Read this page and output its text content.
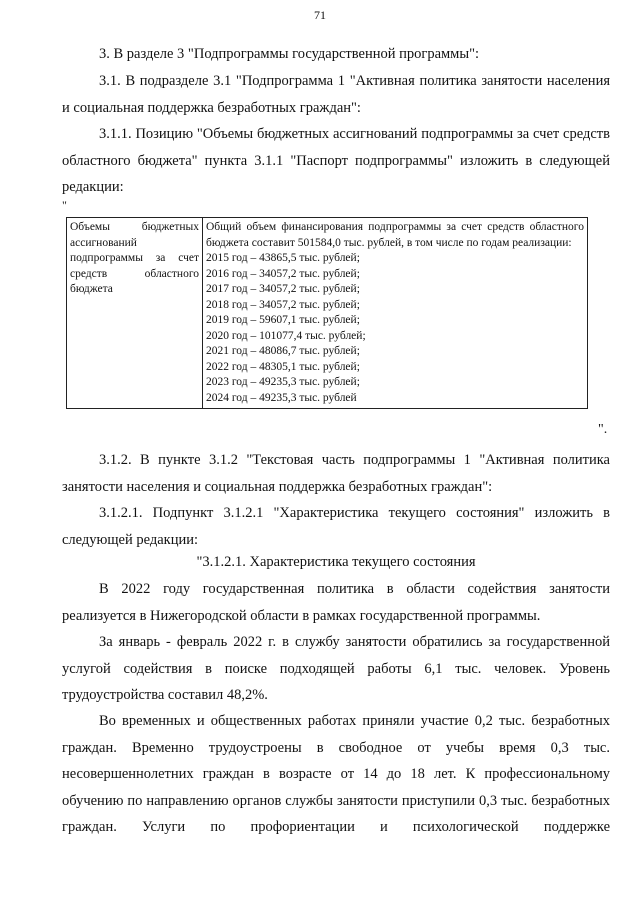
71

3. В разделе 3 "Подпрограммы государственной программы":

3.1. В подразделе 3.1 "Подпрограмма 1 "Активная политика занятости населения и социальная поддержка безработных граждан":

3.1.1. Позицию "Объемы бюджетных ассигнований подпрограммы за счет средств областного бюджета" пункта 3.1.1 "Паспорт подпрограммы" изложить в следующей редакции:

"
Объемы бюджетных ассигнований подпрограммы за счет средств областного бюджета

Общий объем финансирования подпрограммы за счет средств областного бюджета составит 501584,0 тыс. рублей, в том числе по годам реализации:
2015 год – 43865,5 тыс. рублей;
2016 год – 34057,2 тыс. рублей;
2017 год – 34057,2 тыс. рублей;
2018 год – 34057,2 тыс. рублей;
2019 год – 59607,1 тыс. рублей;
2020 год – 101077,4 тыс. рублей;
2021 год – 48086,7 тыс. рублей;
2022 год – 48305,1 тыс. рублей;
2023 год – 49235,3 тыс. рублей;
2024 год – 49235,3 тыс. рублей
".

3.1.2. В пункте 3.1.2 "Текстовая часть подпрограммы 1 "Активная политика занятости населения и социальная поддержка безработных граждан":

3.1.2.1. Подпункт 3.1.2.1 "Характеристика текущего состояния" изложить в следующей редакции:

"3.1.2.1. Характеристика текущего состояния

В 2022 году государственная политика в области содействия занятости реализуется в Нижегородской области в рамках государственной программы.

За январь - февраль 2022 г. в службу занятости обратились за государственной услугой содействия в поиске подходящей работы 6,1 тыс. человек. Уровень трудоустройства составил 48,2%.

Во временных и общественных работах приняли участие 0,2 тыс. безработных граждан. Временно трудоустроены в свободное от учебы время 0,3 тыс. несовершеннолетних граждан в возрасте от 14 до 18 лет. К профессиональному обучению по направлению органов службы занятости приступили 0,3 тыс. безработных граждан. Услуги по профориентации и психологической поддержке
